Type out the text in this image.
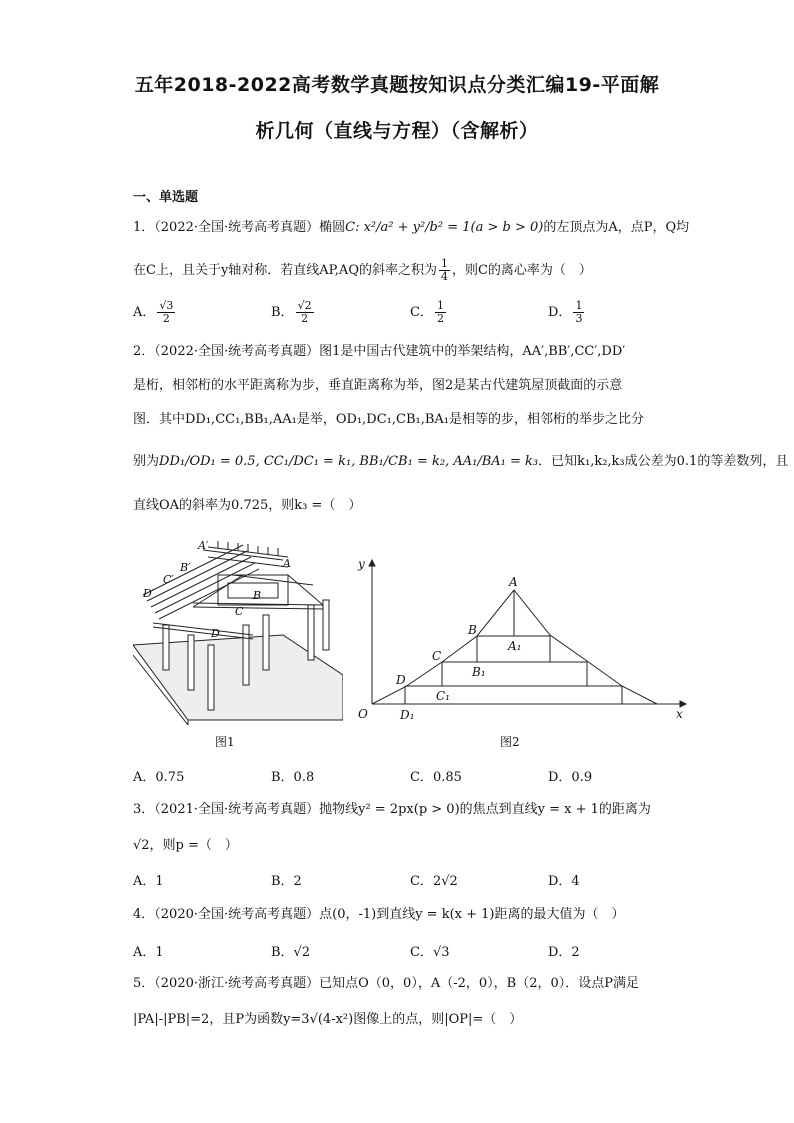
五年2018-2022高考数学真题按知识点分类汇编19-平面解
析几何（直线与方程）（含解析）
一、单选题
1．（2022·全国·统考高考真题）椭圆C: x²/a² + y²/b² = 1(a > b > 0)的左顶点为A，点P，Q均
在C上，且关于y轴对称．若直线AP,AQ的斜率之积为 $\frac{1}{4}$ ，则C的离心率为（　）
A． $\frac{√3}{2}$	B． $\frac{√2}{2}$	C． $\frac{1}{2}$	D． $\frac{1}{3}$
2．（2022·全国·统考高考真题）图1是中国古代建筑中的举架结构，AA′,BB′,CC′,DD′
是桁，相邻桁的水平距离称为步，垂直距离称为举，图2是某古代建筑屋顶截面的示意
图．其中DD₁,CC₁,BB₁,AA₁是举，OD₁,DC₁,CB₁,BA₁是相等的步，相邻桁的举步之比分
别为DD₁/OD₁ = 0.5, CC₁/DC₁ = k₁, BB₁/CB₁ = k₂, AA₁/BA₁ = k₃．已知k₁,k₂,k₃成公差为0.1的等差数列，且
直线OA的斜率为0.725，则k₃ =（　）
A′
B′
C′
D′
A
B
C
D
图1
y
x
O
A
B
C
D
A₁
B₁
C₁
D₁
图2
A．0.75	B．0.8	C．0.85	D．0.9
3．（2021·全国·统考高考真题）抛物线y² = 2px(p > 0)的焦点到直线y = x + 1的距离为
√2，则p =（　）
A．1	B．2	C．2√2	D．4
4．（2020·全国·统考高考真题）点(0，-1)到直线y = k(x + 1)距离的最大值为（　）
A．1	B．√2	C．√3	D．2
5．（2020·浙江·统考高考真题）已知点O（0，0），A（-2，0），B（2，0）．设点P满足
|PA|-|PB|=2，且P为函数y=3√(4-x²)图像上的点，则|OP|=（　）
